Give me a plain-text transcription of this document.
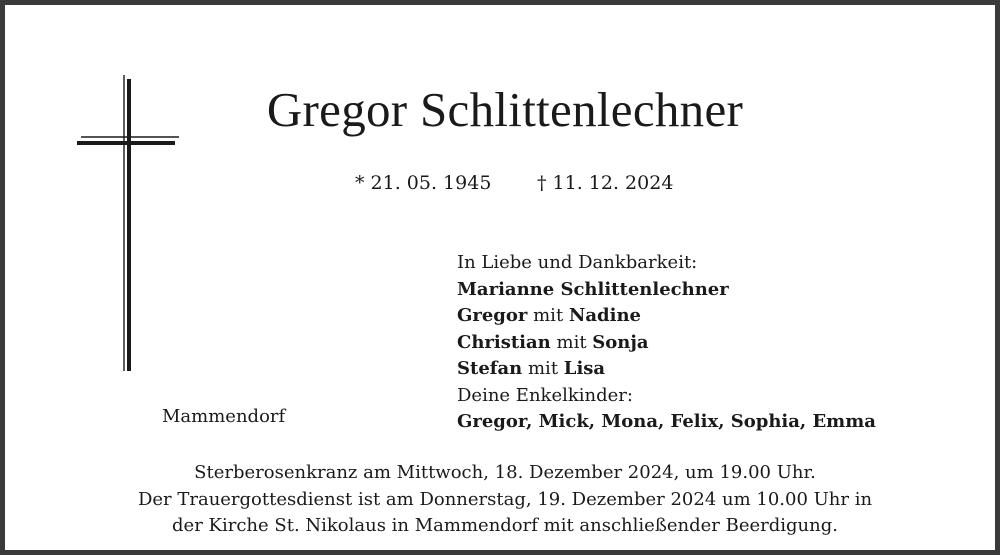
Gregor Schlittenlechner
* 21. 05. 1945 † 11. 12. 2024
In Liebe und Dankbarkeit:
Marianne Schlittenlechner
Gregor mit Nadine
Christian mit Sonja
Stefan mit Lisa
Deine Enkelkinder:
Gregor, Mick, Mona, Felix, Sophia, Emma
Mammendorf
Sterberosenkranz am Mittwoch, 18. Dezember 2024, um 19.00 Uhr.
Der Trauergottesdienst ist am Donnerstag, 19. Dezember 2024 um 10.00 Uhr in
der Kirche St. Nikolaus in Mammendorf mit anschließender Beerdigung.
